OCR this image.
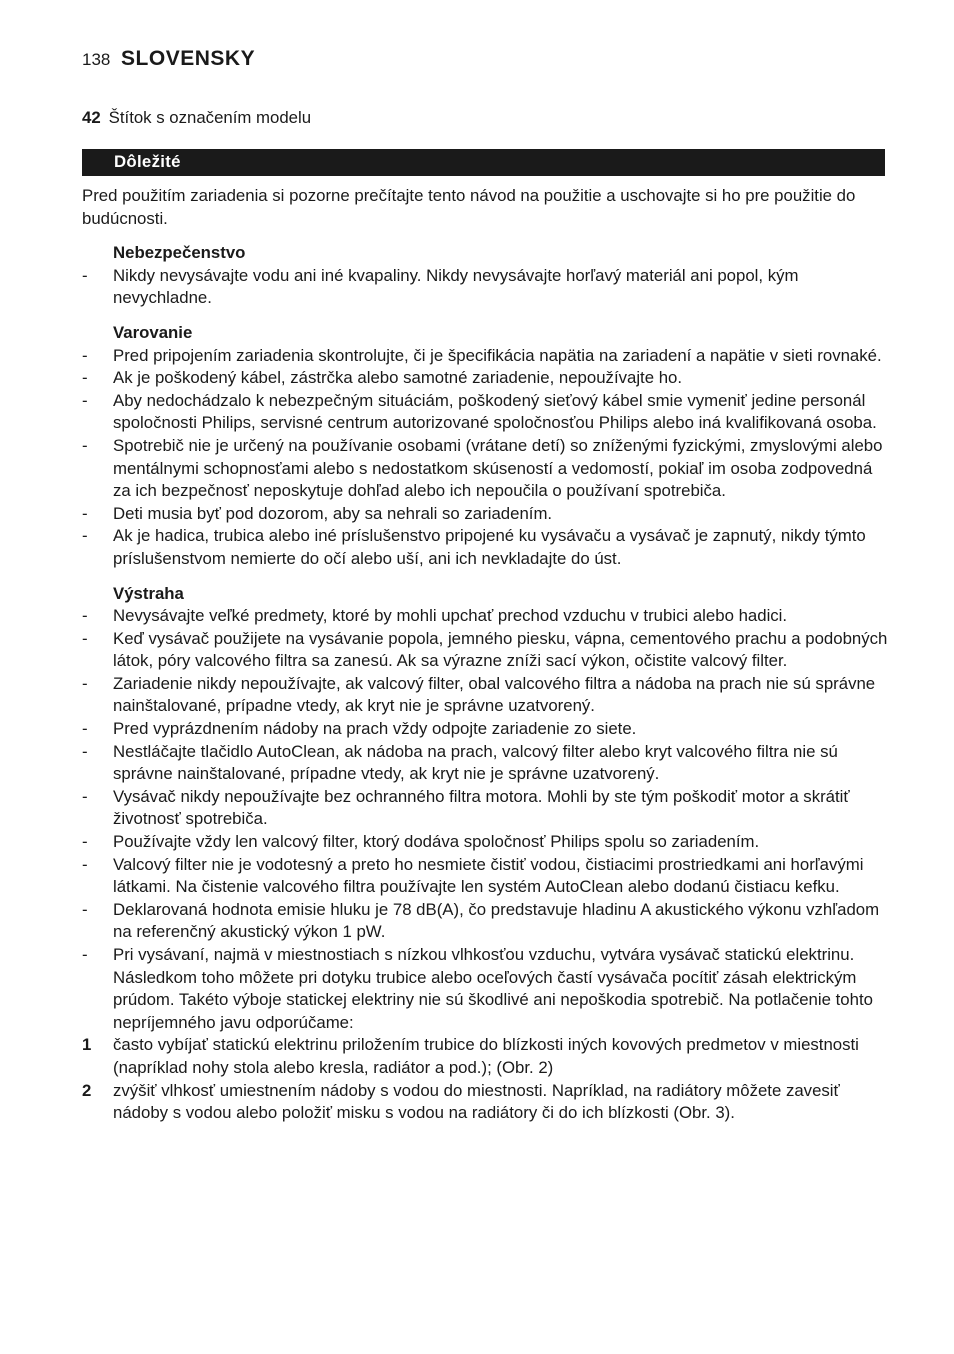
138 SLOVENSKY
42 Štítok s označením modelu
Dôležité

Pred použitím zariadenia si pozorne prečítajte tento návod na použitie a uschovajte si ho pre použitie do budúcnosti.

Nebezpečenstvo
- Nikdy nevysávajte vodu ani iné kvapaliny. Nikdy nevysávajte horľavý materiál ani popol, kým nevychladne.
Varovanie
- Pred pripojením zariadenia skontrolujte, či je špecifikácia napätia na zariadení a napätie v sieti rovnaké.
- Ak je poškodený kábel, zástrčka alebo samotné zariadenie, nepoužívajte ho.
- Aby nedochádzalo k nebezpečným situáciám, poškodený sieťový kábel smie vymeniť jedine personál spoločnosti Philips, servisné centrum autorizované spoločnosťou Philips alebo iná kvalifikovaná osoba.
- Spotrebič nie je určený na používanie osobami (vrátane detí) so zníženými fyzickými, zmyslovými alebo mentálnymi schopnosťami alebo s nedostatkom skúseností a vedomostí, pokiaľ im osoba zodpovedná za ich bezpečnosť neposkytuje dohľad alebo ich nepoučila o používaní spotrebiča.
- Deti musia byť pod dozorom, aby sa nehrali so zariadením.
- Ak je hadica, trubica alebo iné príslušenstvo pripojené ku vysávaču a vysávač je zapnutý, nikdy týmto príslušenstvom nemierte do očí alebo uší, ani ich nevkladajte do úst.
Výstraha
- Nevysávajte veľké predmety, ktoré by mohli upchať prechod vzduchu v trubici alebo hadici.
- Keď vysávač použijete na vysávanie popola, jemného piesku, vápna, cementového prachu a podobných látok, póry valcového filtra sa zanesú. Ak sa výrazne zníži sací výkon, očistite valcový filter.
- Zariadenie nikdy nepoužívajte, ak valcový filter, obal valcového filtra a nádoba na prach nie sú správne nainštalované, prípadne vtedy, ak kryt nie je správne uzatvorený.
- Pred vyprázdnením nádoby na prach vždy odpojte zariadenie zo siete.
- Nestláčajte tlačidlo AutoClean, ak nádoba na prach, valcový filter alebo kryt valcového filtra nie sú správne nainštalované, prípadne vtedy, ak kryt nie je správne uzatvorený.
- Vysávač nikdy nepoužívajte bez ochranného filtra motora. Mohli by ste tým poškodiť motor a skrátiť životnosť spotrebiča.
- Používajte vždy len valcový filter, ktorý dodáva spoločnosť Philips spolu so zariadením.
- Valcový filter nie je vodotesný a preto ho nesmiete čistiť vodou, čistiacimi prostriedkami ani horľavými látkami. Na čistenie valcového filtra používajte len systém AutoClean alebo dodanú čistiacu kefku.
- Deklarovaná hodnota emisie hluku je 78 dB(A), čo predstavuje hladinu A akustického výkonu vzhľadom na referenčný akustický výkon 1 pW.
- Pri vysávaní, najmä v miestnostiach s nízkou vlhkosťou vzduchu, vytvára vysávač statickú elektrinu. Následkom toho môžete pri dotyku trubice alebo oceľových častí vysávača pocítiť zásah elektrickým prúdom. Takéto výboje statickej elektriny nie sú škodlivé ani nepoškodia spotrebič. Na potlačenie tohto nepríjemného javu odporúčame:
1 často vybíjať statickú elektrinu priložením trubice do blízkosti iných kovových predmetov v miestnosti (napríklad nohy stola alebo kresla, radiátor a pod.); (Obr. 2)
2 zvýšiť vlhkosť umiestnením nádoby s vodou do miestnosti. Napríklad, na radiátory môžete zavesiť nádoby s vodou alebo položiť misku s vodou na radiátory či do ich blízkosti (Obr. 3).
